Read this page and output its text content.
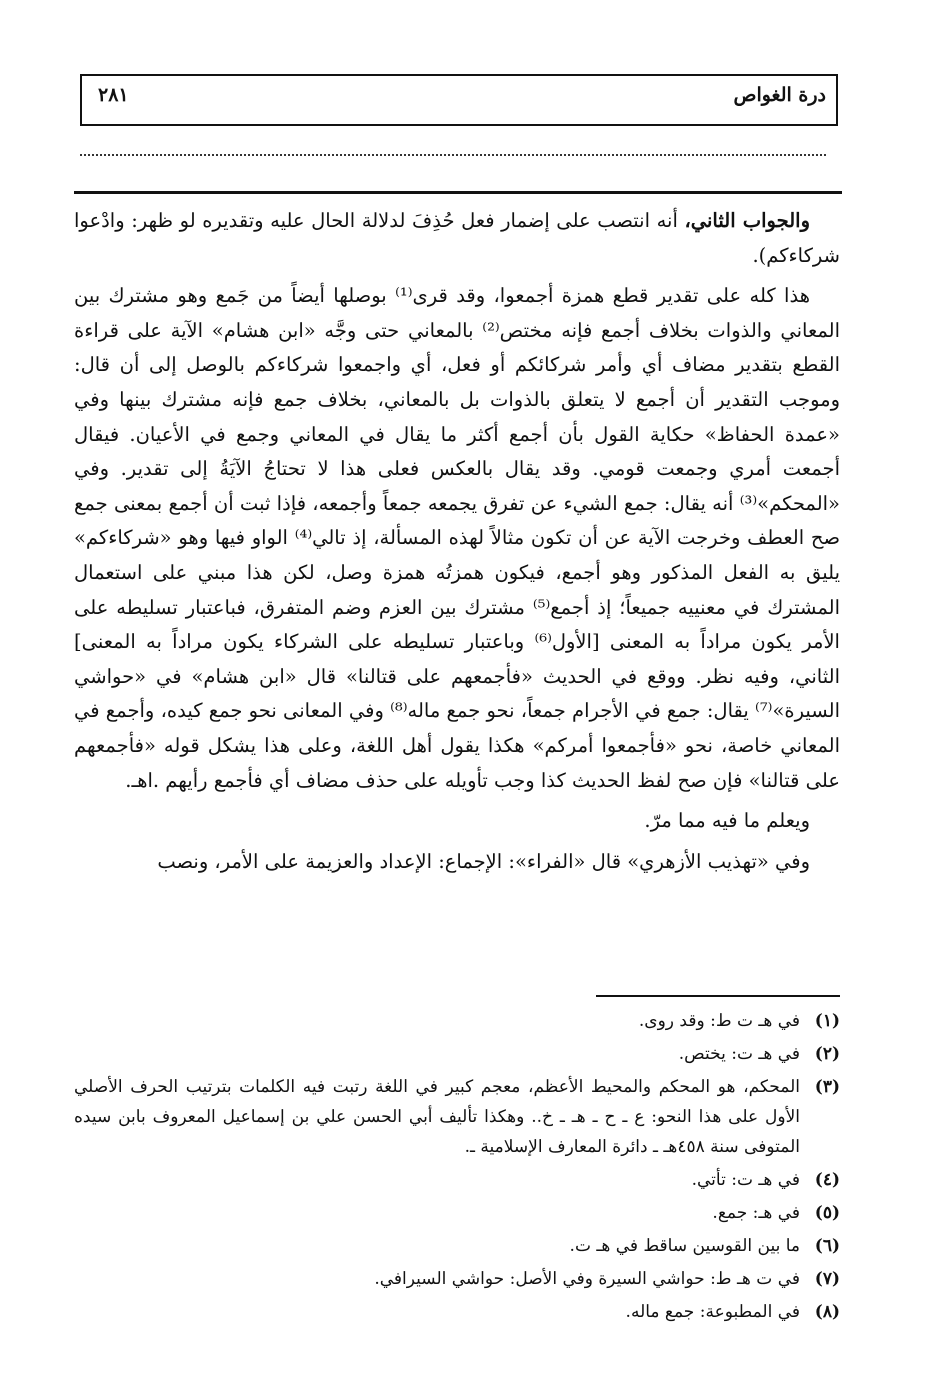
درة الغواص
٢٨١

والجواب الثاني، أنه انتصب على إضمار فعل حُذِفَ لدلالة الحال عليه وتقديره لو ظهر: وادْعوا شركاءكم).

هذا كله على تقدير قطع همزة أجمعوا، وقد قرى⁽¹⁾ بوصلها أيضاً من جَمع وهو مشترك بين المعاني والذوات بخلاف أجمع فإنه مختص⁽²⁾ بالمعاني حتى وجَّه «ابن هشام» الآية على قراءة القطع بتقدير مضاف أي وأمر شركائكم أو فعل، أي واجمعوا شركاءكم بالوصل إلى أن قال: وموجب التقدير أن أجمع لا يتعلق بالذوات بل بالمعاني، بخلاف جمع فإنه مشترك بينها وفي «عمدة الحفاظ» حكاية القول بأن أجمع أكثر ما يقال في المعاني وجمع في الأعيان. فيقال أجمعت أمري وجمعت قومي. وقد يقال بالعكس فعلى هذا لا تحتاجُ الآيَةُ إلى تقدير. وفي «المحكم»⁽³⁾ أنه يقال: جمع الشيء عن تفرق يجمعه جمعاً وأجمعه، فإذا ثبت أن أجمع بمعنى جمع صح العطف وخرجت الآية عن أن تكون مثالاً لهذه المسألة، إذ تالي⁽⁴⁾ الواو فيها وهو «شركاءكم» يليق به الفعل المذكور وهو أجمع، فيكون همزتُه همزة وصل، لكن هذا مبني على استعمال المشترك في معنييه جميعاً؛ إذ أجمع⁽⁵⁾ مشترك بين العزم وضم المتفرق، فباعتبار تسليطه على الأمر يكون مراداً به المعنى [الأول⁽⁶⁾ وباعتبار تسليطه على الشركاء يكون مراداً به المعنى] الثاني، وفيه نظر. ووقع في الحديث «فأجمعهم على قتالنا» قال «ابن هشام» في «حواشي السيرة»⁽⁷⁾ يقال: جمع في الأجرام جمعاً، نحو جمع ماله⁽⁸⁾ وفي المعانى نحو جمع كيده، وأجمع في المعاني خاصة، نحو «فأجمعوا أمركم» هكذا يقول أهل اللغة، وعلى هذا يشكل قوله «فأجمعهم على قتالنا» فإن صح لفظ الحديث كذا وجب تأويله على حذف مضاف أي فأجمع رأيهم .اهـ.

ويعلم ما فيه مما مرّ.

وفي «تهذيب الأزهري» قال «الفراء»: الإجماع: الإعداد والعزيمة على الأمر، ونصب

(١)
في هـ ت ط: وقد روى.
(٢)
في هـ ت: يختص.
(٣)
المحكم، هو المحكم والمحيط الأعظم، معجم كبير في اللغة رتبت فيه الكلمات بترتيب الحرف الأصلي الأول على هذا النحو: ع ـ ح ـ هـ ـ خ.. وهكذا تأليف أبي الحسن علي بن إسماعيل المعروف بابن سيده المتوفى سنة ٤٥٨هـ ـ دائرة المعارف الإسلامية ـ.
(٤)
في هـ ت: تأتي.
(٥)
في هـ: جمع.
(٦)
ما بين القوسين ساقط في هـ ت.
(٧)
في ت هـ ط: حواشي السيرة وفي الأصل: حواشي السيرافي.
(٨)
في المطبوعة: جمع ماله.
